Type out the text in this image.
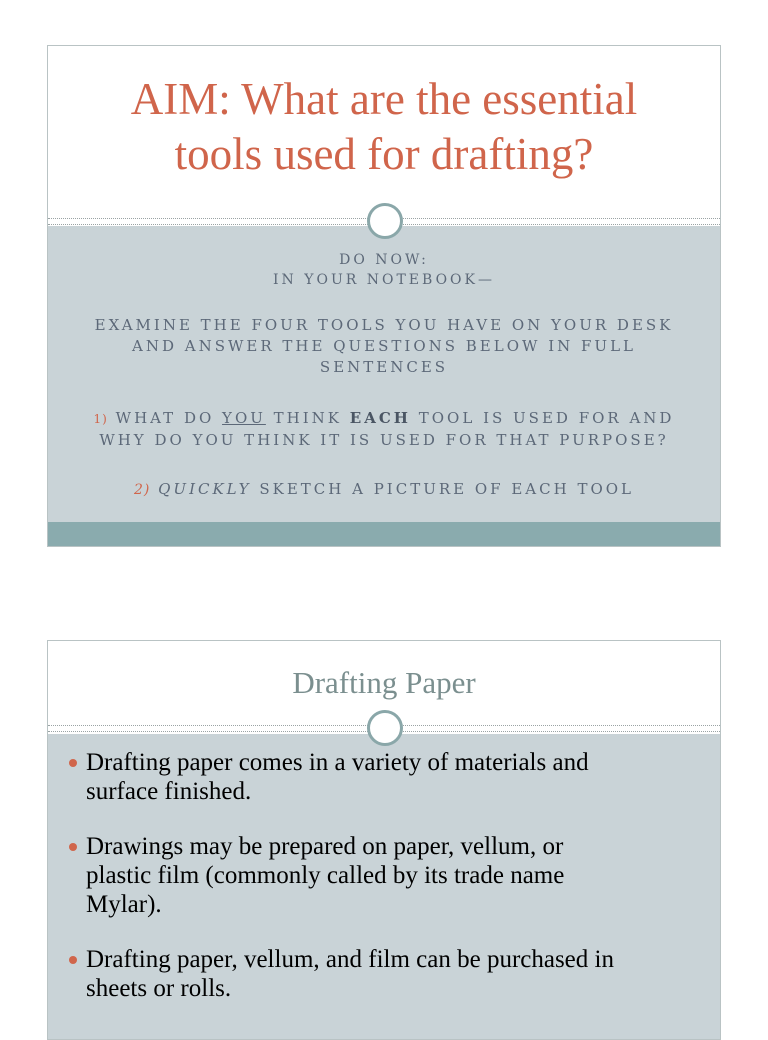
AIM: What are the essential
tools used for drafting?
DO NOW:
IN YOUR NOTEBOOK—
EXAMINE THE FOUR TOOLS YOU HAVE ON YOUR DESK
AND ANSWER THE QUESTIONS BELOW IN FULL
SENTENCES
1) WHAT DO YOU THINK EACH TOOL IS USED FOR AND
WHY DO YOU THINK IT IS USED FOR THAT PURPOSE?
2) QUICKLY SKETCH A PICTURE OF EACH TOOL
Drafting Paper
Drafting paper comes in a variety of materials and
surface finished.
Drawings may be prepared on paper, vellum, or
plastic film (commonly called by its trade name
Mylar).
Drafting paper, vellum, and film can be purchased in
sheets or rolls.
